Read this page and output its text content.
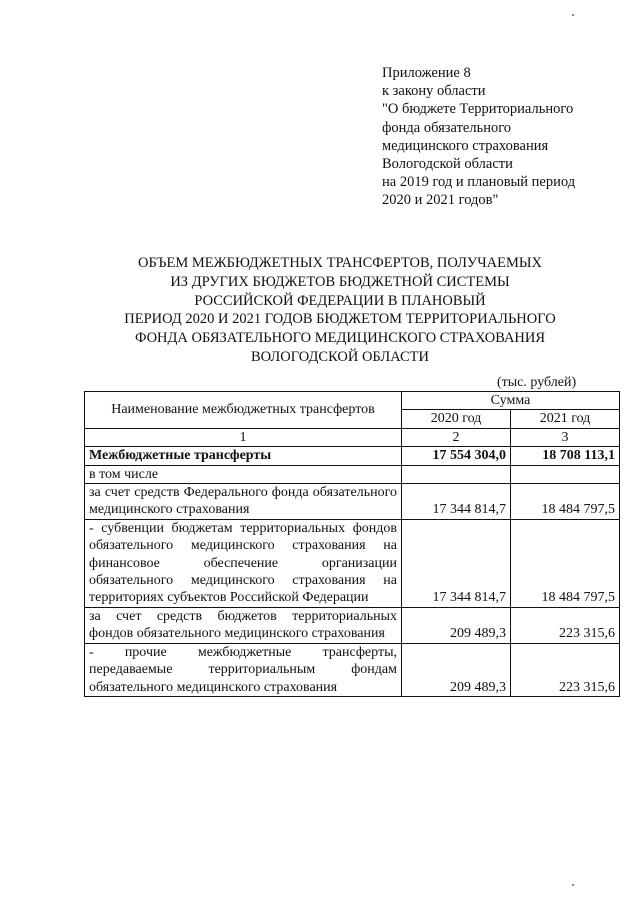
Приложение 8
к закону области
"О бюджете Территориального
фонда обязательного
медицинского страхования
Вологодской области
на 2019 год и плановый период
2020 и 2021 годов"
ОБЪЕМ МЕЖБЮДЖЕТНЫХ ТРАНСФЕРТОВ, ПОЛУЧАЕМЫХ
ИЗ ДРУГИХ БЮДЖЕТОВ БЮДЖЕТНОЙ СИСТЕМЫ
РОССИЙСКОЙ ФЕДЕРАЦИИ В ПЛАНОВЫЙ
ПЕРИОД 2020 И 2021 ГОДОВ БЮДЖЕТОМ ТЕРРИТОРИАЛЬНОГО
ФОНДА ОБЯЗАТЕЛЬНОГО МЕДИЦИНСКОГО СТРАХОВАНИЯ
ВОЛОГОДСКОЙ ОБЛАСТИ
(тыс. рублей)
Наименование межбюджетных трансфертов	Сумма	
	2020 год	2021 год
1	2	3
Межбюджетные трансферты	17 554 304,0	18 708 113,1
в том числе		
за счет средств Федерального фонда обязательного медицинского страхования	17 344 814,7	18 484 797,5
- субвенции бюджетам территориальных фондов обязательного медицинского страхования на финансовое обеспечение организации обязательного медицинского страхования на территориях субъектов Российской Федерации	17 344 814,7	18 484 797,5
за счет средств бюджетов территориальных фондов обязательного медицинского страхования	209 489,3	223 315,6
- прочие межбюджетные трансферты, передаваемые территориальным фондам обязательного медицинского страхования	209 489,3	223 315,6
